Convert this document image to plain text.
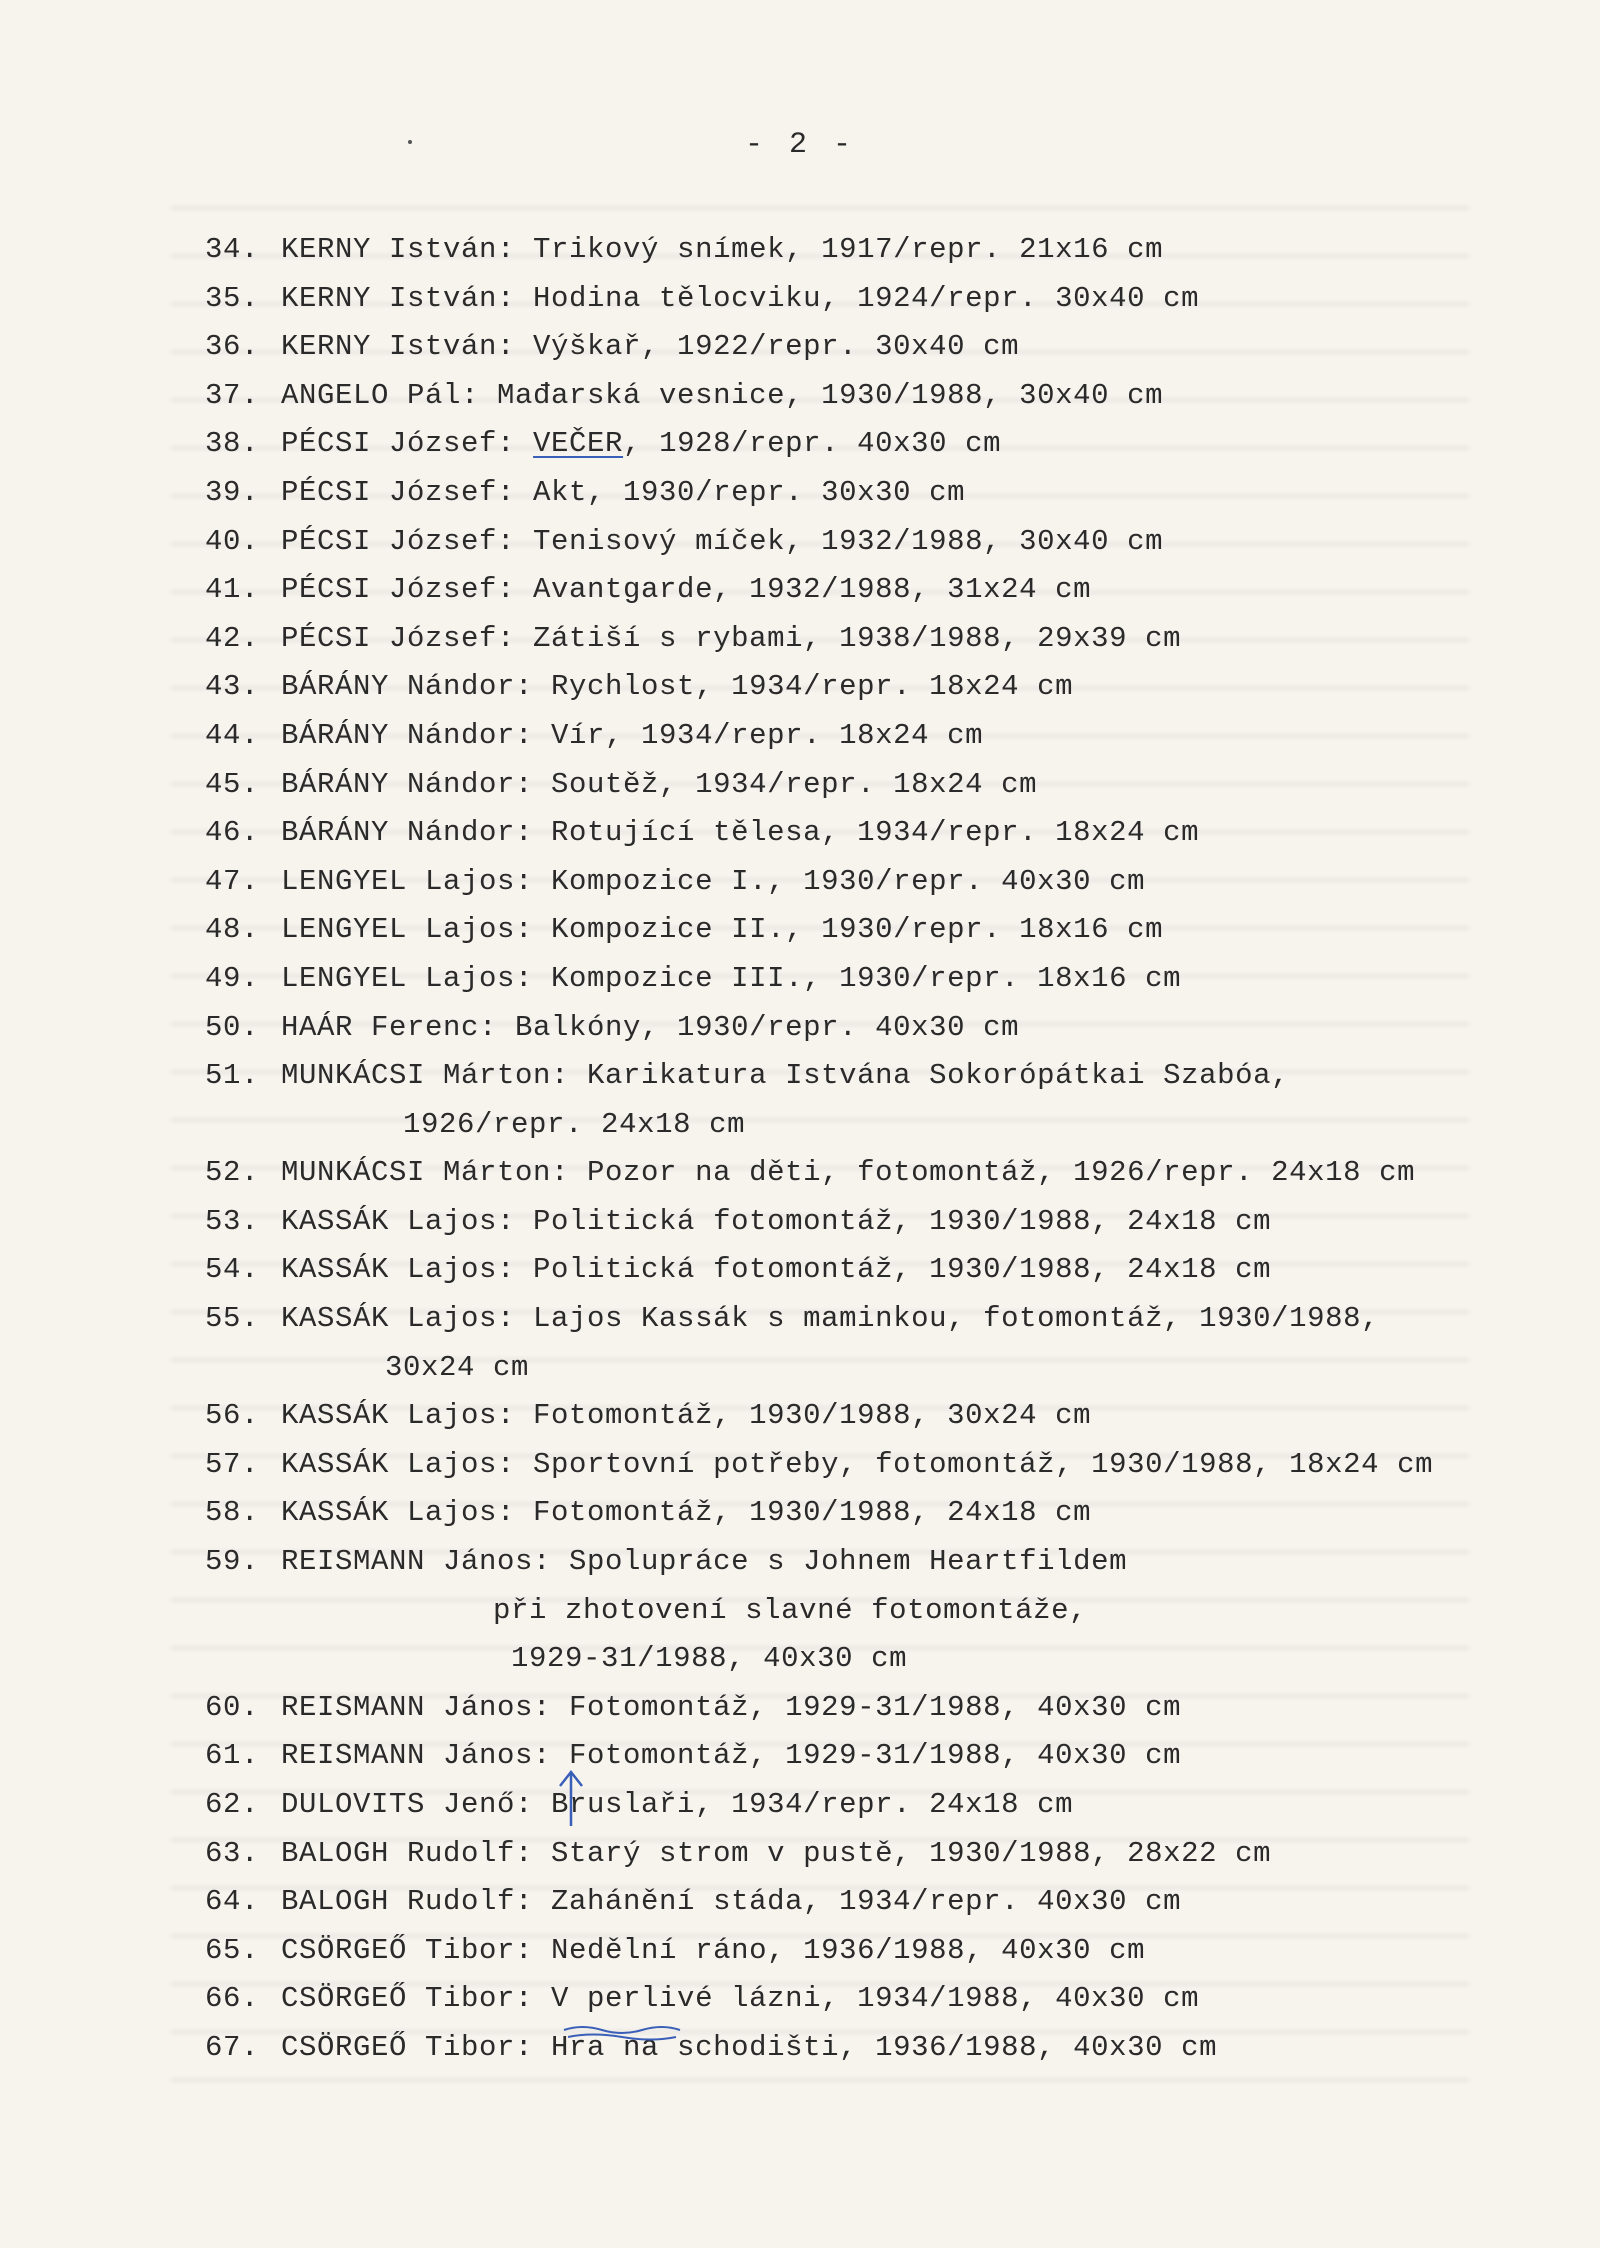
- 2 -
34. KERNY István: Trikový snímek, 1917/repr. 21x16 cm
35. KERNY István: Hodina tělocviku, 1924/repr. 30x40 cm
36. KERNY István: Výškař, 1922/repr. 30x40 cm
37. ANGELO Pál: Mađarská vesnice, 1930/1988, 30x40 cm
38. PÉCSI József: VEČER, 1928/repr. 40x30 cm
39. PÉCSI József: Akt, 1930/repr. 30x30 cm
40. PÉCSI József: Tenisový míček, 1932/1988, 30x40 cm
41. PÉCSI József: Avantgarde, 1932/1988, 31x24 cm
42. PÉCSI József: Zátiší s rybami, 1938/1988, 29x39 cm
43. BÁRÁNY Nándor: Rychlost, 1934/repr. 18x24 cm
44. BÁRÁNY Nándor: Vír, 1934/repr. 18x24 cm
45. BÁRÁNY Nándor: Soutěž, 1934/repr. 18x24 cm
46. BÁRÁNY Nándor: Rotující tělesa, 1934/repr. 18x24 cm
47. LENGYEL Lajos: Kompozice I., 1930/repr. 40x30 cm
48. LENGYEL Lajos: Kompozice II., 1930/repr. 18x16 cm
49. LENGYEL Lajos: Kompozice III., 1930/repr. 18x16 cm
50. HAÁR Ferenc: Balkóny, 1930/repr. 40x30 cm
51. MUNKÁCSI Márton: Karikatura Istvána Sokorópátkai Szabóa,
1926/repr. 24x18 cm
52. MUNKÁCSI Márton: Pozor na děti, fotomontáž, 1926/repr. 24x18 cm
53. KASSÁK Lajos: Politická fotomontáž, 1930/1988, 24x18 cm
54. KASSÁK Lajos: Politická fotomontáž, 1930/1988, 24x18 cm
55. KASSÁK Lajos: Lajos Kassák s maminkou, fotomontáž, 1930/1988,
30x24 cm
56. KASSÁK Lajos: Fotomontáž, 1930/1988, 30x24 cm
57. KASSÁK Lajos: Sportovní potřeby, fotomontáž, 1930/1988, 18x24 cm
58. KASSÁK Lajos: Fotomontáž, 1930/1988, 24x18 cm
59. REISMANN János: Spolupráce s Johnem Heartfildem
při zhotovení slavné fotomontáže,
1929-31/1988, 40x30 cm
60. REISMANN János: Fotomontáž, 1929-31/1988, 40x30 cm
61. REISMANN János: Fotomontáž, 1929-31/1988, 40x30 cm
62. DULOVITS Jenő: Bruslaři, 1934/repr. 24x18 cm
63. BALOGH Rudolf: Starý strom v pustě, 1930/1988, 28x22 cm
64. BALOGH Rudolf: Zahánění stáda, 1934/repr. 40x30 cm
65. CSÖRGEŐ Tibor: Nedělní ráno, 1936/1988, 40x30 cm
66. CSÖRGEŐ Tibor: V perlivé lázni, 1934/1988, 40x30 cm
67. CSÖRGEŐ Tibor: Hra na schodišti, 1936/1988, 40x30 cm
